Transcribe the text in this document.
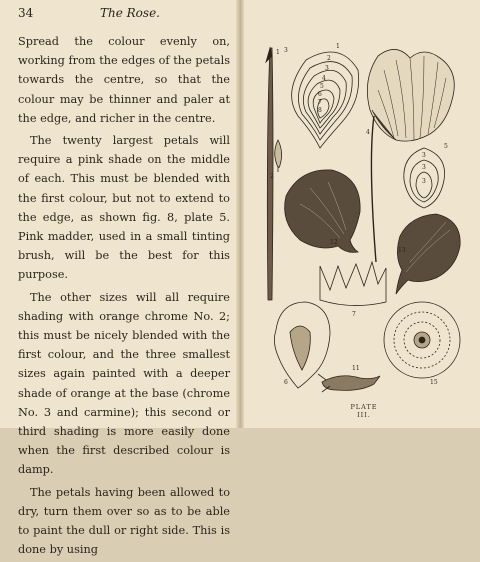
34	The Rose.

Spread the colour evenly on, working from the edges of the petals towards the centre, so that the colour may be thinner and paler at the edge, and richer in the centre.

The twenty largest petals will require a pink shade on the middle of each. This must be blended with the first colour, but not to extend to the edge, as shown fig. 8, plate 5. Pink madder, used in a small tinting brush, will be the best for this purpose.

The other sizes will all require shading with orange chrome No. 2; this must be nicely blended with the first colour, and the three smallest sizes again painted with a deeper shade of orange at the base (chrome No. 3 and carmine); this second or third shading is more easily done when the first described colour is damp.

The petals having been allowed to dry, turn them over so as to be able to paint the dull or right side. This is done by using

1
1
2
3
4
5
6
7
11
12
13
15
2
3
4
5
6
7
8
3
3
3
PLATE III.
